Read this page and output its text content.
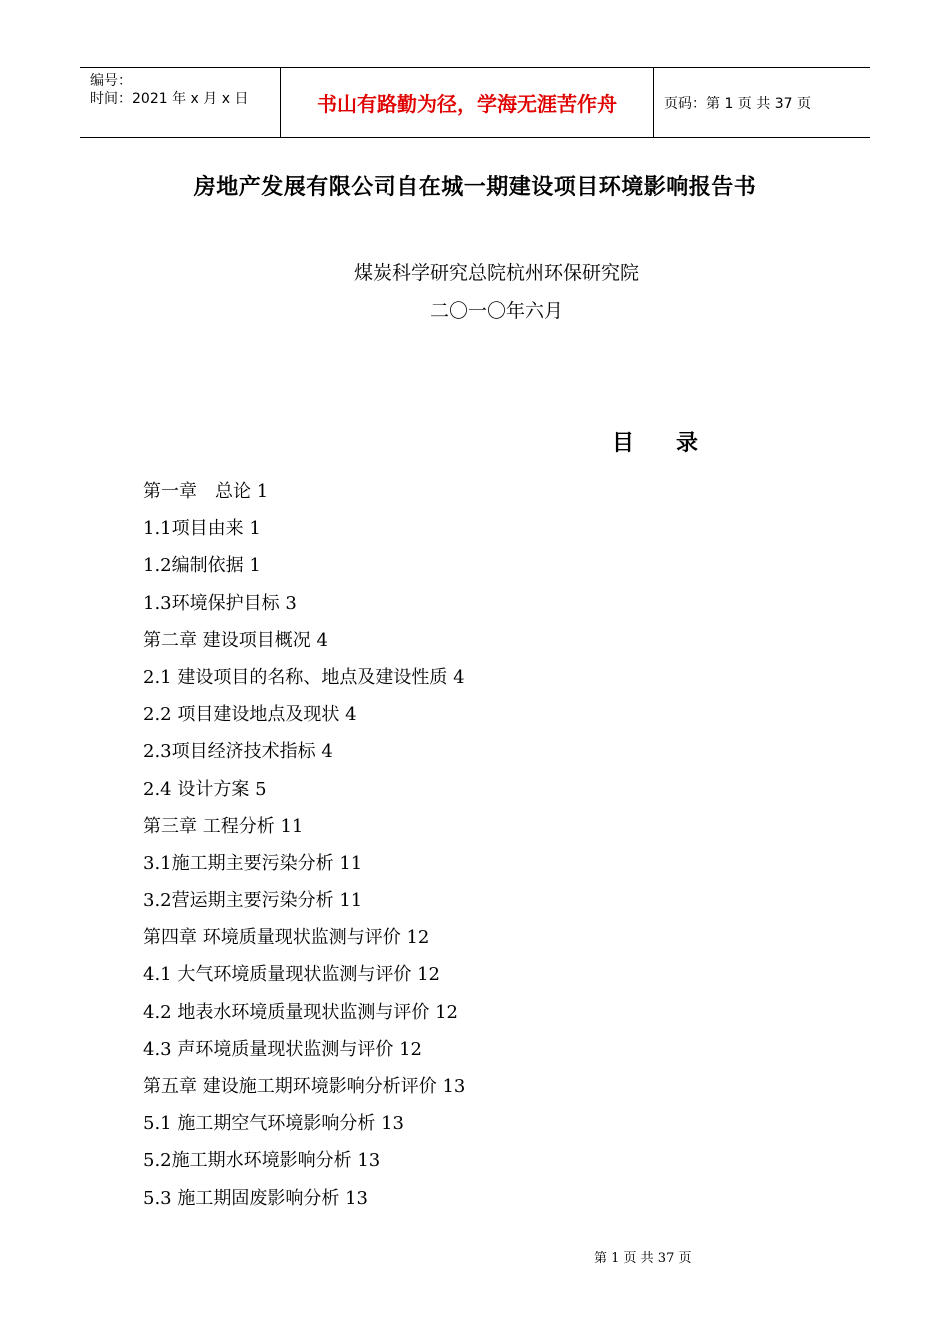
编号：
时间：2021 年 x 月 x 日	书山有路勤为径，学海无涯苦作舟	页码：第 1 页 共 37 页
房地产发展有限公司自在城一期建设项目环境影响报告书
煤炭科学研究总院杭州环保研究院
二〇一〇年六月
目录
第一章　总论 1
1.1项目由来 1
1.2编制依据 1
1.3环境保护目标 3
第二章 建设项目概况 4
2.1 建设项目的名称、地点及建设性质 4
2.2 项目建设地点及现状 4
2.3项目经济技术指标 4
2.4 设计方案 5
第三章 工程分析 11
3.1施工期主要污染分析 11
3.2营运期主要污染分析 11
第四章 环境质量现状监测与评价 12
4.1 大气环境质量现状监测与评价 12
4.2 地表水环境质量现状监测与评价 12
4.3 声环境质量现状监测与评价 12
第五章 建设施工期环境影响分析评价 13
5.1 施工期空气环境影响分析 13
5.2施工期水环境影响分析 13
5.3 施工期固废影响分析 13
第 1 页 共 37 页
